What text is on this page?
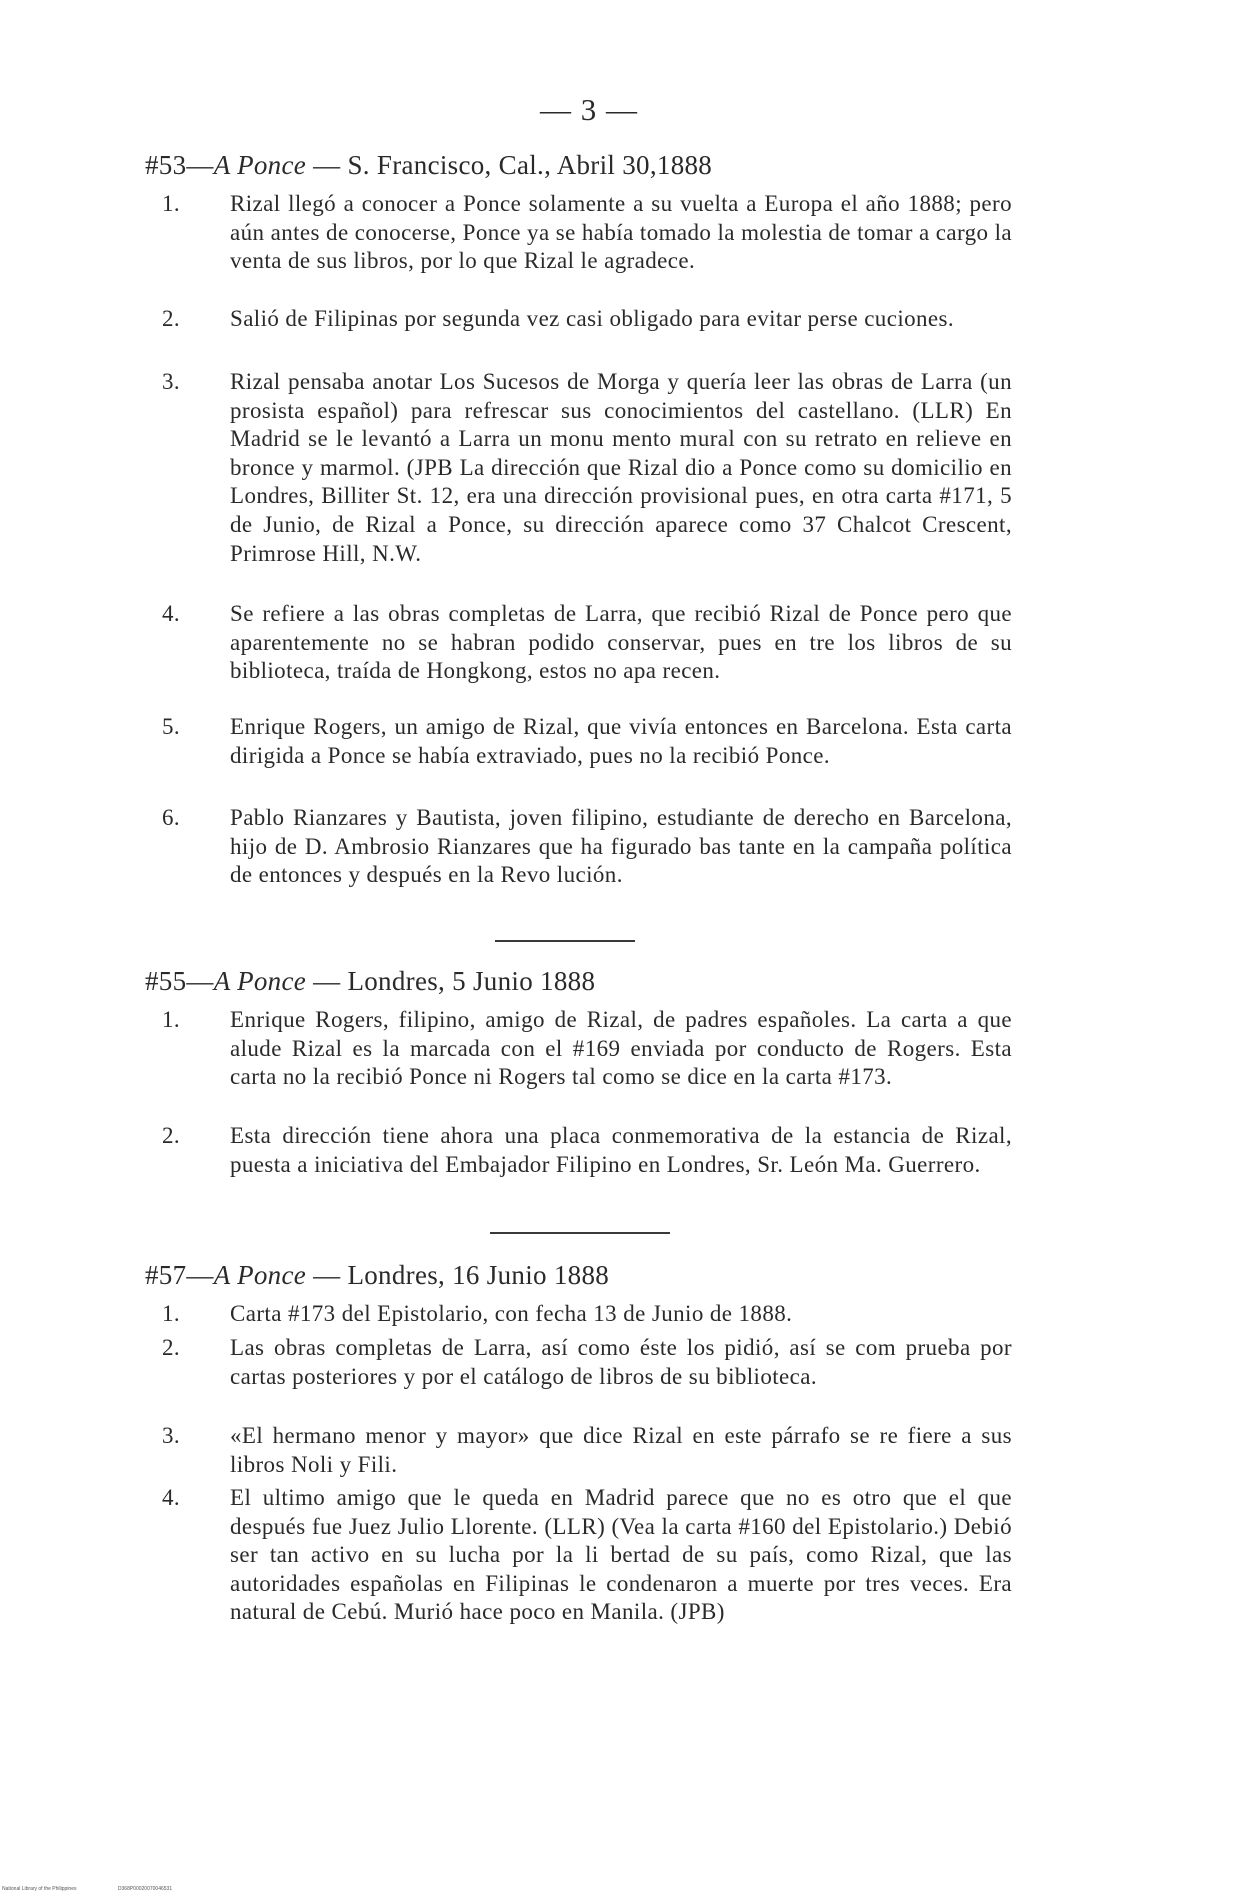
— 3 —
#53—A Ponce — S. Francisco, Cal., Abril 30,1888
1. Rizal llegó a conocer a Ponce solamente a su vuelta a Europa el año 1888; pero aún antes de conocerse, Ponce ya se había tomado la molestia de tomar a cargo la venta de sus libros, por lo que Rizal le agradece.
2. Salió de Filipinas por segunda vez casi obligado para evitar perse cuciones.
3. Rizal pensaba anotar Los Sucesos de Morga y quería leer las obras de Larra (un prosista español) para refrescar sus conocimientos del castellano. (LLR) En Madrid se le levantó a Larra un monu mento mural con su retrato en relieve en bronce y marmol. (JPB La dirección que Rizal dio a Ponce como su domicilio en Londres, Billiter St. 12, era una dirección provisional pues, en otra carta #171, 5 de Junio, de Rizal a Ponce, su dirección aparece como 37 Chalcot Crescent, Primrose Hill, N.W.
4. Se refiere a las obras completas de Larra, que recibió Rizal de Ponce pero que aparentemente no se habran podido conservar, pues en tre los libros de su biblioteca, traída de Hongkong, estos no apa recen.
5. Enrique Rogers, un amigo de Rizal, que vivía entonces en Barcelona. Esta carta dirigida a Ponce se había extraviado, pues no la recibió Ponce.
6. Pablo Rianzares y Bautista, joven filipino, estudiante de derecho en Barcelona, hijo de D. Ambrosio Rianzares que ha figurado bas tante en la campaña política de entonces y después en la Revo lución.
#55—A Ponce — Londres, 5 Junio 1888
1. Enrique Rogers, filipino, amigo de Rizal, de padres españoles. La carta a que alude Rizal es la marcada con el #169 enviada por conducto de Rogers. Esta carta no la recibió Ponce ni Rogers tal como se dice en la carta #173.
2. Esta dirección tiene ahora una placa conmemorativa de la estancia de Rizal, puesta a iniciativa del Embajador Filipino en Londres, Sr. León Ma. Guerrero.
#57—A Ponce — Londres, 16 Junio 1888
1. Carta #173 del Epistolario, con fecha 13 de Junio de 1888.
2. Las obras completas de Larra, así como éste los pidió, así se com prueba por cartas posteriores y por el catálogo de libros de su biblioteca.
3. «El hermano menor y mayor» que dice Rizal en este párrafo se re fiere a sus libros Noli y Fili.
4. El ultimo amigo que le queda en Madrid parece que no es otro que el que después fue Juez Julio Llorente. (LLR) (Vea la carta #160 del Epistolario.) Debió ser tan activo en su lucha por la li bertad de su país, como Rizal, que las autoridades españolas en Filipinas le condenaron a muerte por tres veces. Era natural de Cebú. Murió hace poco en Manila. (JPB)
National Library of the Philippines	D368P00020070046531
